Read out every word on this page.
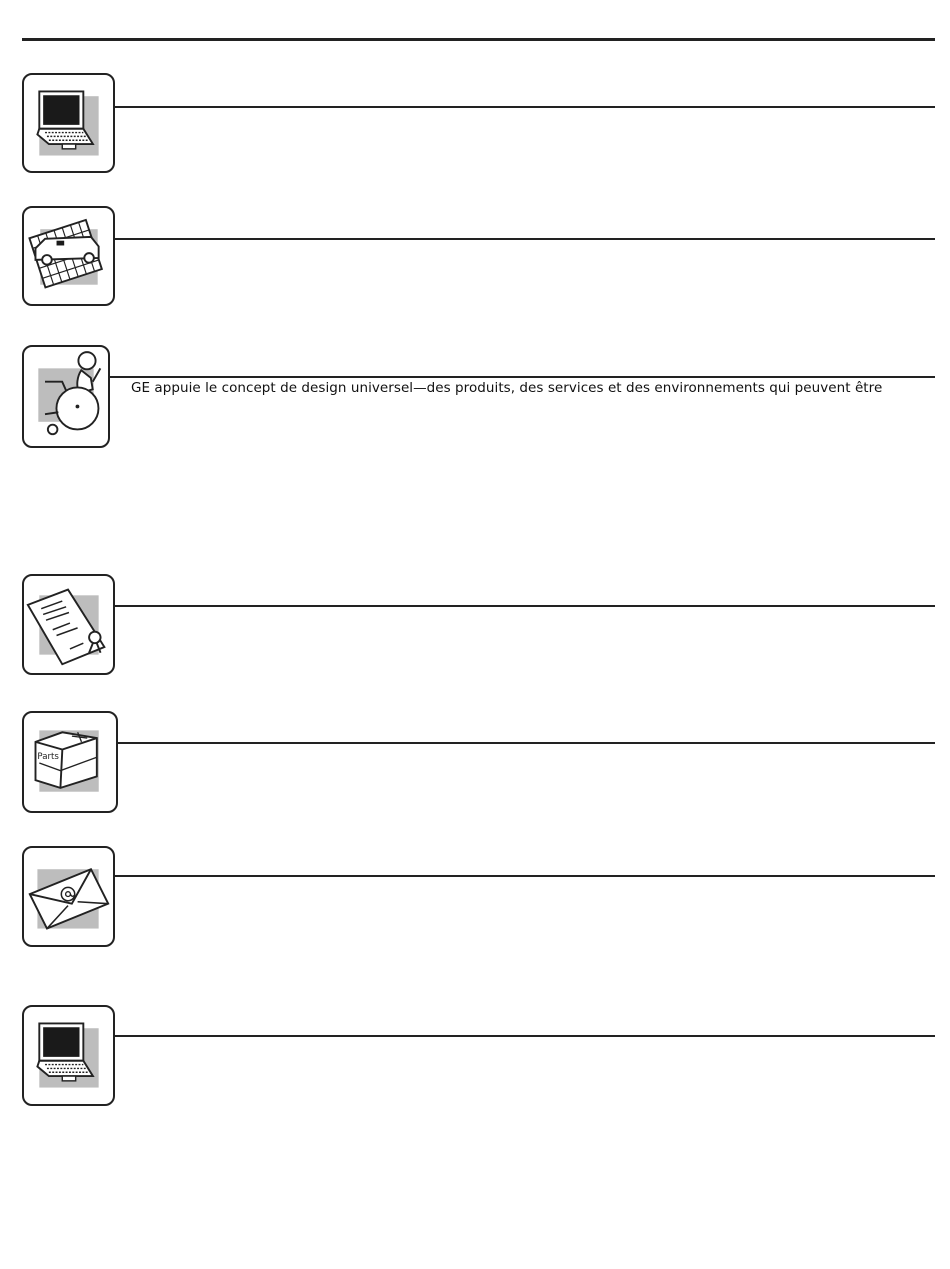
GE appuie le concept de design universel—des produits, des services et des environnements qui peuvent être
Parts
